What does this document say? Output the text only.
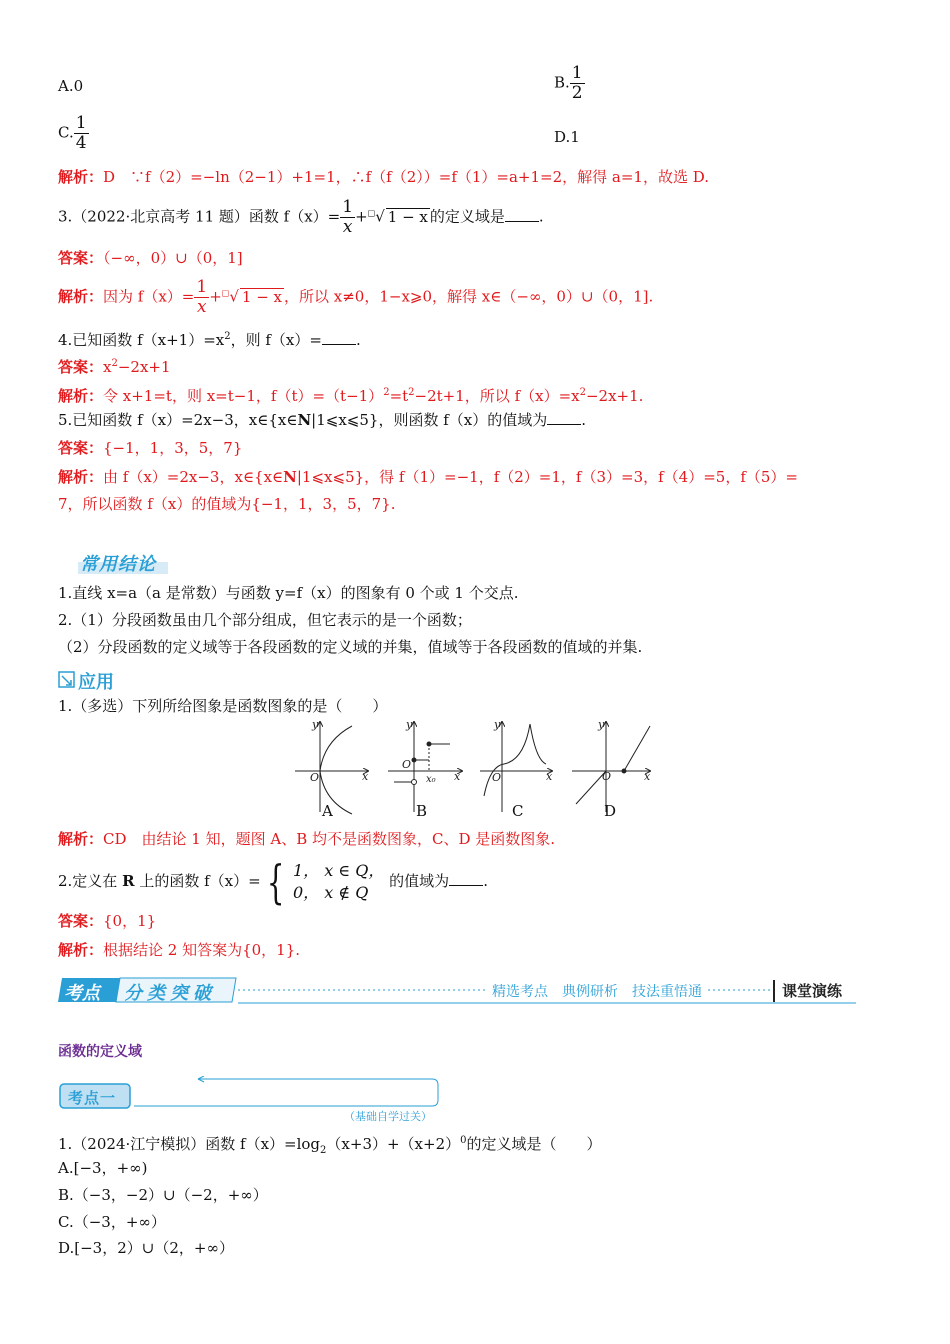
A.0	B. $\frac{1}{2}$
C. $\frac{1}{4}$	D.1
解析：D　∵f（2）=−ln（2−1）+1=1，∴f（f（2））=f（1）=a+1=2，解得 a=1，故选 D.
3.（2022·北京高考 11 题）函数 $f(x)= \frac{1}{x} +^□√$ 1 − x 的定义域是 .
答案：（−∞，0）∪（0，1]
解析：因为 $f(x)= \frac{1}{x} +^□√$ 1 − x ，所以 x≠0，1−x⩾0，解得 x∈（−∞，0）∪（0，1].
4.已知函数 $f(x+1)=x^2$，则 f（x）= .
答案：$x^2-2x+1$
解析：令 x+1=t，则 x=t−1，$f(t)=(t-1)^2=t^2-2t+1$，所以 $f(x)=x^2-2x+1$.
5.已知函数 f（x）=2x−3，x∈{x∈N|1⩽x⩽5}，则函数 f（x）的值域为 .
答案：{−1，1，3，5，7}
解析：由 f（x）=2x−3，x∈{x∈N|1⩽x⩽5}，得 f（1）=−1，f（2）=1，f（3）=3，f（4）=5，f（5）=
7，所以函数 f（x）的值域为{−1，1，3，5，7}.
常用结论
1.直线 x=a（a 是常数）与函数 y=f（x）的图象有 0 个或 1 个交点.
2.（1）分段函数虽由几个部分组成，但它表示的是一个函数；
（2）分段函数的定义域等于各段函数的定义域的并集，值域等于各段函数的值域的并集.
应用
1.（多选）下列所给图象是函数图象的是（　　）
y
x
O
y
x
O
x₀
y
x
O
y
x
O
A	B	C	D
解析：CD　由结论 1 知，题图 A、B 均不是函数图象，C、D 是函数图象.
2.定义在 R 上的函数 f（x）= { 1， x ∈ Q，
0， x ∉ Q
的值域为 .
答案：{0，1}
解析：根据结论 2 知答案为{0，1}.
考点 分类突破	精选考点　典例研析　技法重悟通	课堂演练
函数的定义域
考点一
（基础自学过关）
1.（2024·江宁模拟）函数 $f(x)=\log_2(x+3)+(x+2)^0$的定义域是（　　）
A.[−3，+∞)
B.（−3，−2）∪（−2，+∞）
C.（−3，+∞）
D.[−3，2）∪（2，+∞）
